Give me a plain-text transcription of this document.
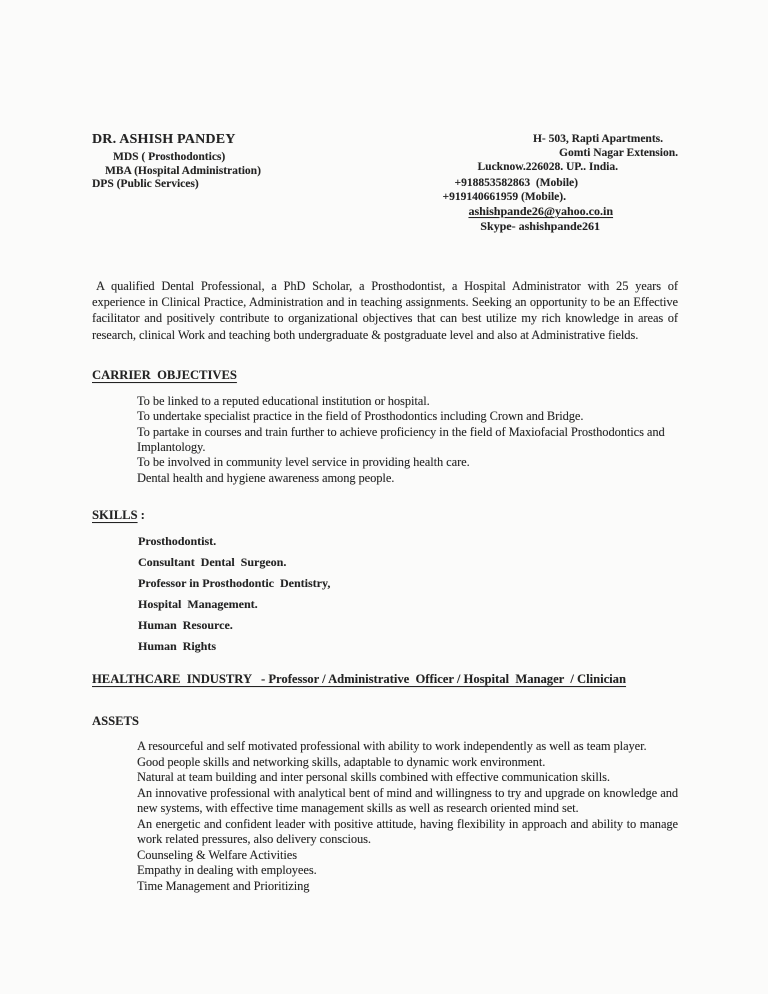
DR. ASHISH PANDEY
MDS ( Prosthodontics)
MBA (Hospital Administration)
DPS (Public Services)
H- 503, Rapti Apartments.
Gomti Nagar Extension.
Lucknow.226028. UP.. India.
+918853582863  (Mobile)
+919140661959 (Mobile).
ashishpande26@yahoo.co.in
Skype- ashishpande261

A qualified Dental Professional, a PhD Scholar, a Prosthodontist, a Hospital Administrator with 25 years of experience in Clinical Practice, Administration and in teaching assignments. Seeking an opportunity to be an Effective facilitator and positively contribute to organizational objectives that can best utilize my rich knowledge in areas of research, clinical Work and teaching both undergraduate & postgraduate level and also at Administrative fields.

CARRIER  OBJECTIVES
To be linked to a reputed educational institution or hospital.
To undertake specialist practice in the field of Prosthodontics including Crown and Bridge.
To partake in courses and train further to achieve proficiency in the field of Maxiofacial Prosthodontics and Implantology.
To be involved in community level service in providing health care.
Dental health and hygiene awareness among people.
SKILLS :
Prosthodontist.
Consultant  Dental  Surgeon.
Professor in Prosthodontic  Dentistry,
Hospital  Management.
Human  Resource.
Human  Rights
HEALTHCARE  INDUSTRY   - Professor / Administrative  Officer / Hospital  Manager  / Clinician
ASSETS
A resourceful and self motivated professional with ability to work independently as well as team player.
Good people skills and networking skills, adaptable to dynamic work environment.
Natural at team building and inter personal skills combined with effective communication skills.
An innovative professional with analytical bent of mind and willingness to try and upgrade on knowledge and new systems, with effective time management skills as well as research oriented mind set.
An energetic and confident leader with positive attitude, having flexibility in approach and ability to manage work related pressures, also delivery conscious.
Counseling & Welfare Activities
Empathy in dealing with employees.
Time Management and Prioritizing
